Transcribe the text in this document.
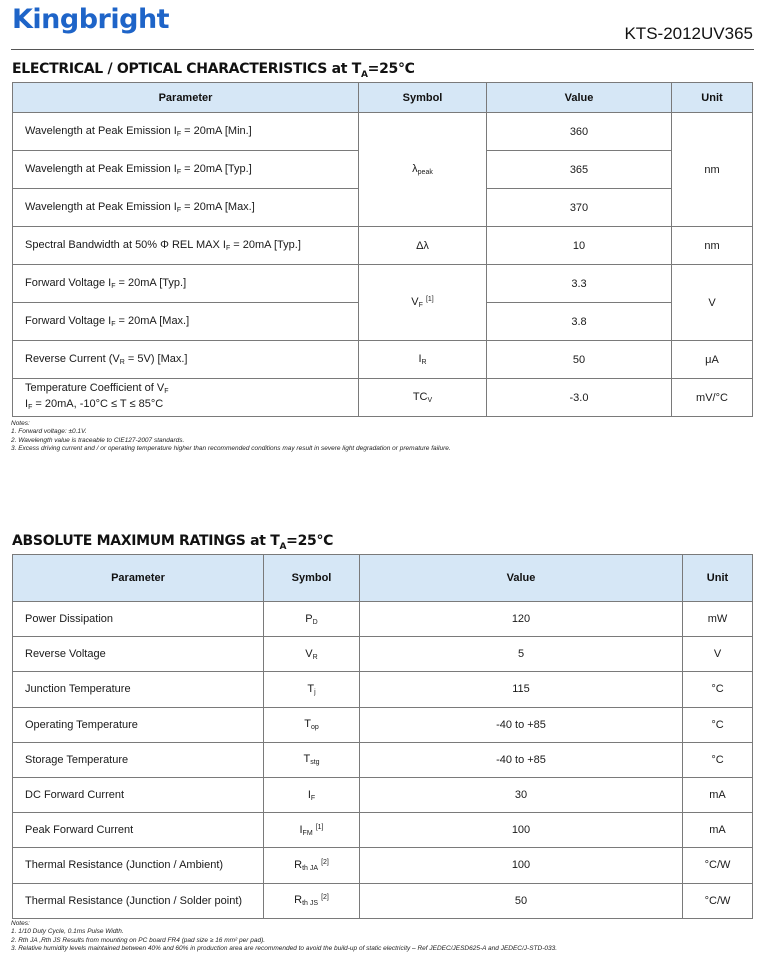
Kingbright	KTS-2012UV365
ELECTRICAL / OPTICAL CHARACTERISTICS at $T_A=25^\circ C$
Parameter	Symbol	Value	Unit
Wavelength at Peak Emission $I_F = 20mA$ [Min.]	$\lambda_{peak}$	360	nm
Wavelength at Peak Emission $I_F = 20mA$ [Typ.]		365	
Wavelength at Peak Emission $I_F = 20mA$ [Max.]		370	
Spectral Bandwidth at 50% Φ REL MAX $I_F = 20mA$ [Typ.]	Δλ	10	nm
Forward Voltage $I_F = 20mA$ [Typ.]	$V_F$ [1]	3.3	V
Forward Voltage $I_F = 20mA$ [Max.]		3.8	
Reverse Current $(V_R = 5V)$ [Max.]	$I_R$	50	μA
Temperature Coefficient of $V_F$
$I_F = 20mA$, -10°C ≤ T ≤ 85°C	$TC_V$	-3.0	mV/°C
Notes:
1. Forward voltage: ±0.1V.
2. Wavelength value is traceable to CIE127-2007 standards.
3. Excess driving current and / or operating temperature higher than recommended conditions may result in severe light degradation or premature failure.
ABSOLUTE MAXIMUM RATINGS at $T_A=25^\circ C$
Parameter	Symbol	Value	Unit
Power Dissipation	$P_D$	120	mW
Reverse Voltage	$V_R$	5	V
Junction Temperature	$T_j$	115	°C
Operating Temperature	$T_{op}$	-40 to +85	°C
Storage Temperature	$T_{stg}$	-40 to +85	°C
DC Forward Current	$I_F$	30	mA
Peak Forward Current	$I_{FM}$ [1]	100	mA
Thermal Resistance (Junction / Ambient)	$R_{th JA}$ [2]	100	°C/W
Thermal Resistance (Junction / Solder point)	$R_{th JS}$ [2]	50	°C/W
Notes:
1. 1/10 Duty Cycle, 0.1ms Pulse Width.
2. Rth JA ,Rth JS Results from mounting on PC board FR4 (pad size ≥ 16 mm² per pad).
3. Relative humidity levels maintained between 40% and 60% in production area are recommended to avoid the build-up of static electricity – Ref JEDEC/JESD625-A and JEDEC/J-STD-033.
